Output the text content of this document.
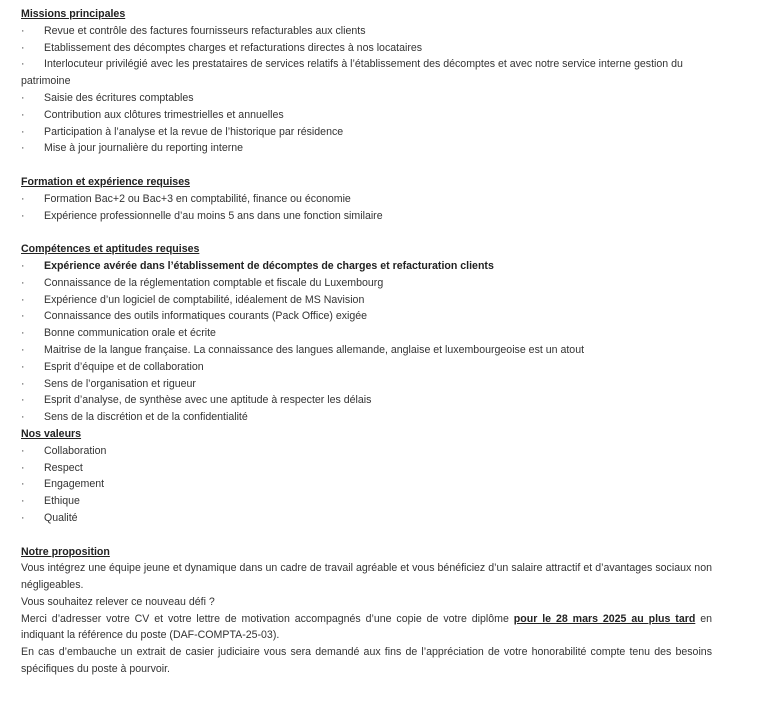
Missions principales
· Revue et contrôle des factures fournisseurs refacturables aux clients
· Etablissement des décomptes charges et refacturations directes à nos locataires
· Interlocuteur privilégié avec les prestataires de services relatifs à l’établissement des décomptes et avec notre service interne gestion du patrimoine
· Saisie des écritures comptables
· Contribution aux clôtures trimestrielles et annuelles
· Participation à l’analyse et la revue de l’historique par résidence
· Mise à jour journalière du reporting interne
Formation et expérience requises
· Formation Bac+2 ou Bac+3 en comptabilité, finance ou économie
· Expérience professionnelle d’au moins 5 ans dans une fonction similaire
Compétences et aptitudes requises
· Expérience avérée dans l’établissement de décomptes de charges et refacturation clients
· Connaissance de la réglementation comptable et fiscale du Luxembourg
· Expérience d’un logiciel de comptabilité, idéalement de MS Navision
· Connaissance des outils informatiques courants (Pack Office) exigée
· Bonne communication orale et écrite
· Maitrise de la langue française. La connaissance des langues allemande, anglaise et luxembourgeoise est un atout
· Esprit d’équipe et de collaboration
· Sens de l’organisation et rigueur
· Esprit d’analyse, de synthèse avec une aptitude à respecter les délais
· Sens de la discrétion et de la confidentialité
Nos valeurs
· Collaboration
· Respect
· Engagement
· Ethique
· Qualité
Notre proposition

Vous intégrez une équipe jeune et dynamique dans un cadre de travail agréable et vous bénéficiez d’un salaire attractif et d’avantages sociaux non négligeables.

Vous souhaitez relever ce nouveau défi ?

Merci d’adresser votre CV et votre lettre de motivation accompagnés d’une copie de votre diplôme pour le 28 mars 2025 au plus tard en indiquant la référence du poste (DAF-COMPTA-25-03).

En cas d’embauche un extrait de casier judiciaire vous sera demandé aux fins de l’appréciation de votre honorabilité compte tenu des besoins spécifiques du poste à pourvoir.
